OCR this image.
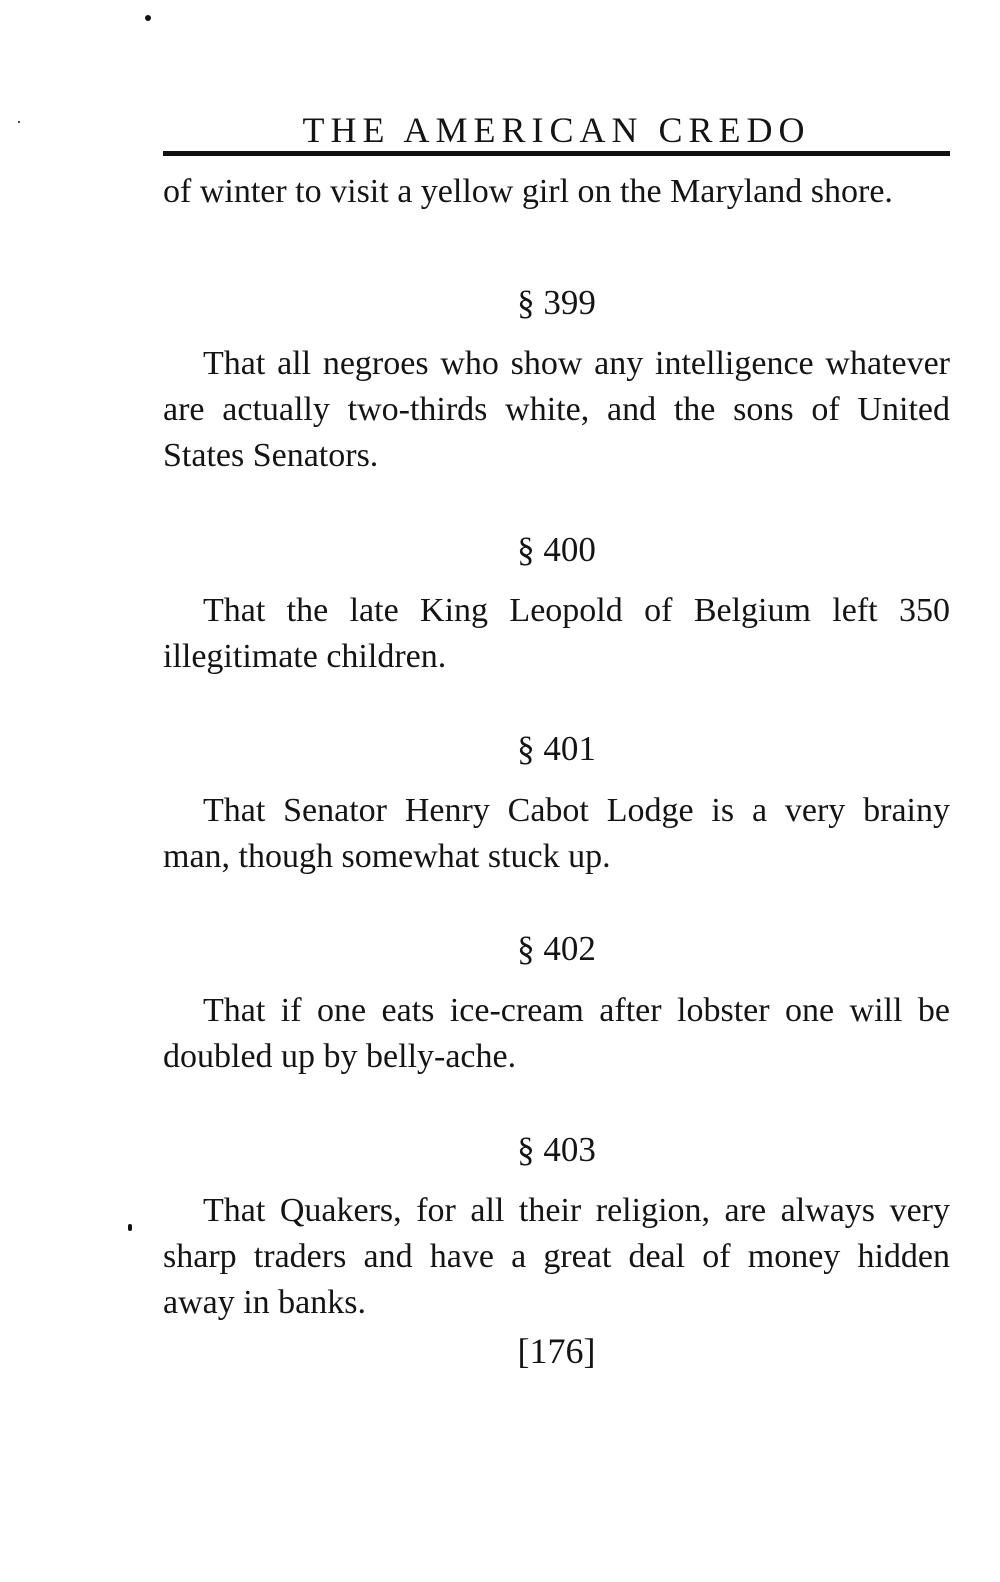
THE AMERICAN CREDO
of winter to visit a yellow girl on the Maryland shore.
§ 399
That all negroes who show any intelligence whatever are actually two-thirds white, and the sons of United States Senators.
§ 400
That the late King Leopold of Belgium left 350 illegitimate children.
§ 401
That Senator Henry Cabot Lodge is a very brainy man, though somewhat stuck up.
§ 402
That if one eats ice-cream after lobster one will be doubled up by belly-ache.
§ 403
That Quakers, for all their religion, are always very sharp traders and have a great deal of money hidden away in banks.
[176]
